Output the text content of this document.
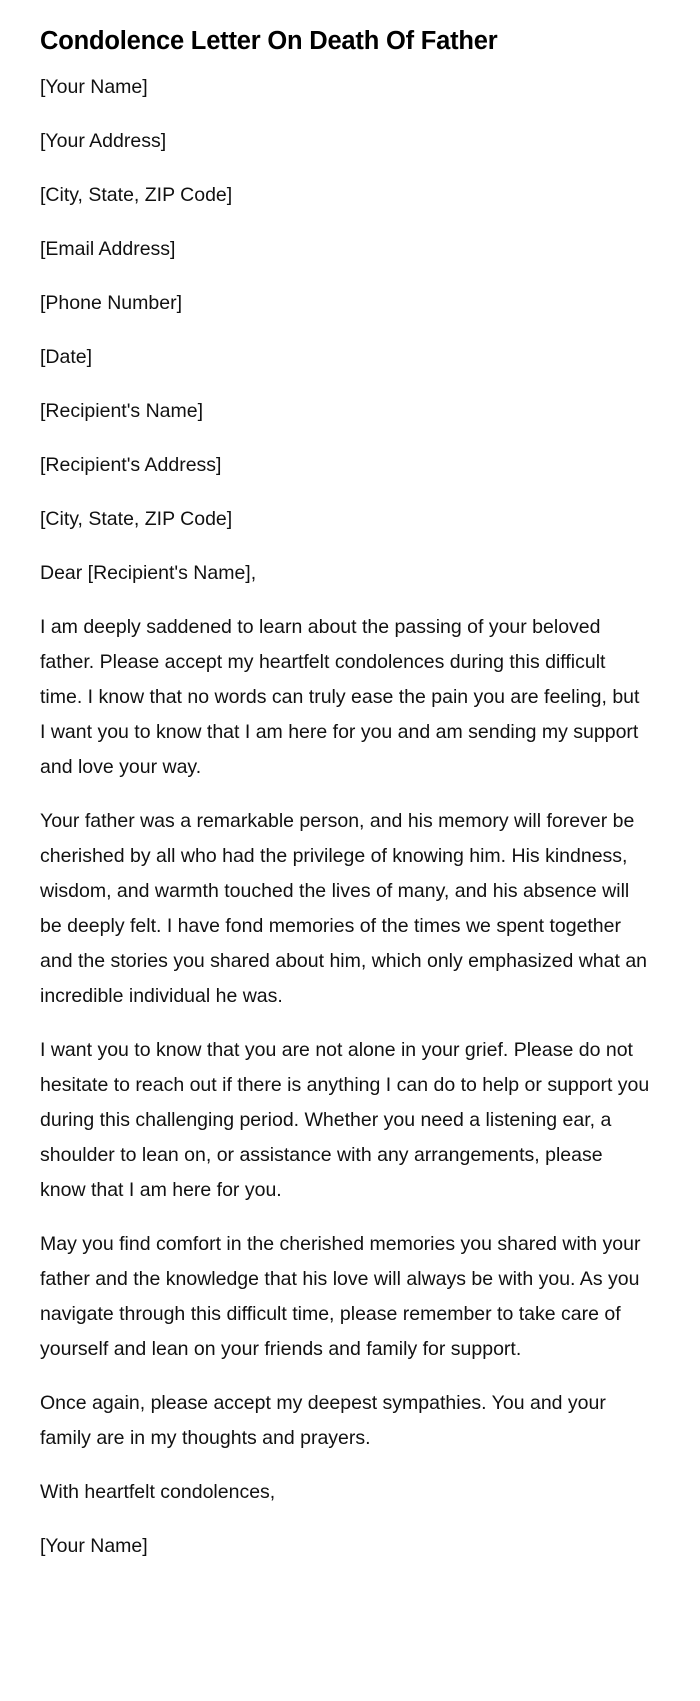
Condolence Letter On Death Of Father

[Your Name]

[Your Address]

[City, State, ZIP Code]

[Email Address]

[Phone Number]

[Date]

[Recipient's Name]

[Recipient's Address]

[City, State, ZIP Code]

Dear [Recipient's Name],

I am deeply saddened to learn about the passing of your beloved father. Please accept my heartfelt condolences during this difficult time. I know that no words can truly ease the pain you are feeling, but I want you to know that I am here for you and am sending my support and love your way.

Your father was a remarkable person, and his memory will forever be cherished by all who had the privilege of knowing him. His kindness, wisdom, and warmth touched the lives of many, and his absence will be deeply felt. I have fond memories of the times we spent together and the stories you shared about him, which only emphasized what an incredible individual he was.

I want you to know that you are not alone in your grief. Please do not hesitate to reach out if there is anything I can do to help or support you during this challenging period. Whether you need a listening ear, a shoulder to lean on, or assistance with any arrangements, please know that I am here for you.

May you find comfort in the cherished memories you shared with your father and the knowledge that his love will always be with you. As you navigate through this difficult time, please remember to take care of yourself and lean on your friends and family for support.

Once again, please accept my deepest sympathies. You and your family are in my thoughts and prayers.

With heartfelt condolences,

[Your Name]
